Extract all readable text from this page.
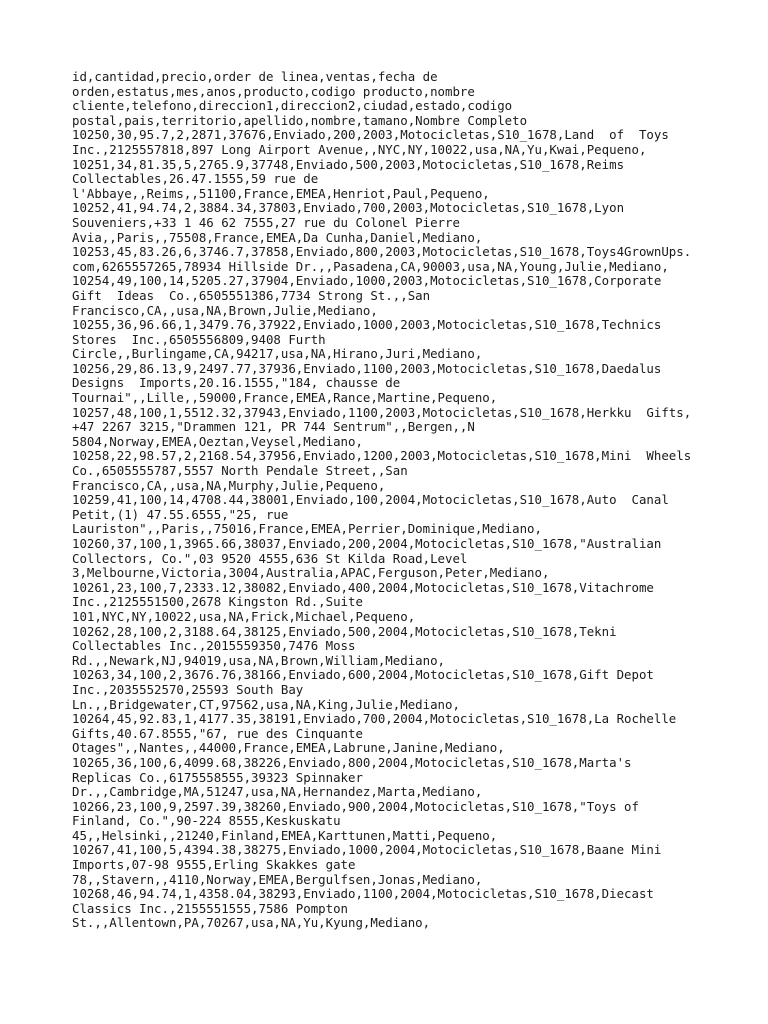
id,cantidad,precio,order de linea,ventas,fecha de
orden,estatus,mes,anos,producto,codigo producto,nombre
cliente,telefono,direccion1,direccion2,ciudad,estado,codigo
postal,pais,territorio,apellido,nombre,tamano,Nombre Completo
10250,30,95.7,2,2871,37676,Enviado,200,2003,Motocicletas,S10_1678,Land  of  Toys
Inc.,2125557818,897 Long Airport Avenue,,NYC,NY,10022,usa,NA,Yu,Kwai,Pequeno,
10251,34,81.35,5,2765.9,37748,Enviado,500,2003,Motocicletas,S10_1678,Reims
Collectables,26.47.1555,59 rue de
l'Abbaye,,Reims,,51100,France,EMEA,Henriot,Paul,Pequeno,
10252,41,94.74,2,3884.34,37803,Enviado,700,2003,Motocicletas,S10_1678,Lyon
Souveniers,+33 1 46 62 7555,27 rue du Colonel Pierre
Avia,,Paris,,75508,France,EMEA,Da Cunha,Daniel,Mediano,
10253,45,83.26,6,3746.7,37858,Enviado,800,2003,Motocicletas,S10_1678,Toys4GrownUps.
com,6265557265,78934 Hillside Dr.,,Pasadena,CA,90003,usa,NA,Young,Julie,Mediano,
10254,49,100,14,5205.27,37904,Enviado,1000,2003,Motocicletas,S10_1678,Corporate
Gift  Ideas  Co.,6505551386,7734 Strong St.,,San
Francisco,CA,,usa,NA,Brown,Julie,Mediano,
10255,36,96.66,1,3479.76,37922,Enviado,1000,2003,Motocicletas,S10_1678,Technics
Stores  Inc.,6505556809,9408 Furth
Circle,,Burlingame,CA,94217,usa,NA,Hirano,Juri,Mediano,
10256,29,86.13,9,2497.77,37936,Enviado,1100,2003,Motocicletas,S10_1678,Daedalus
Designs  Imports,20.16.1555,"184, chausse de
Tournai",,Lille,,59000,France,EMEA,Rance,Martine,Pequeno,
10257,48,100,1,5512.32,37943,Enviado,1100,2003,Motocicletas,S10_1678,Herkku  Gifts,
+47 2267 3215,"Drammen 121, PR 744 Sentrum",,Bergen,,N
5804,Norway,EMEA,Oeztan,Veysel,Mediano,
10258,22,98.57,2,2168.54,37956,Enviado,1200,2003,Motocicletas,S10_1678,Mini  Wheels
Co.,6505555787,5557 North Pendale Street,,San
Francisco,CA,,usa,NA,Murphy,Julie,Pequeno,
10259,41,100,14,4708.44,38001,Enviado,100,2004,Motocicletas,S10_1678,Auto  Canal
Petit,(1) 47.55.6555,"25, rue
Lauriston",,Paris,,75016,France,EMEA,Perrier,Dominique,Mediano,
10260,37,100,1,3965.66,38037,Enviado,200,2004,Motocicletas,S10_1678,"Australian
Collectors, Co.",03 9520 4555,636 St Kilda Road,Level
3,Melbourne,Victoria,3004,Australia,APAC,Ferguson,Peter,Mediano,
10261,23,100,7,2333.12,38082,Enviado,400,2004,Motocicletas,S10_1678,Vitachrome
Inc.,2125551500,2678 Kingston Rd.,Suite
101,NYC,NY,10022,usa,NA,Frick,Michael,Pequeno,
10262,28,100,2,3188.64,38125,Enviado,500,2004,Motocicletas,S10_1678,Tekni
Collectables Inc.,2015559350,7476 Moss
Rd.,,Newark,NJ,94019,usa,NA,Brown,William,Mediano,
10263,34,100,2,3676.76,38166,Enviado,600,2004,Motocicletas,S10_1678,Gift Depot
Inc.,2035552570,25593 South Bay
Ln.,,Bridgewater,CT,97562,usa,NA,King,Julie,Mediano,
10264,45,92.83,1,4177.35,38191,Enviado,700,2004,Motocicletas,S10_1678,La Rochelle
Gifts,40.67.8555,"67, rue des Cinquante
Otages",,Nantes,,44000,France,EMEA,Labrune,Janine,Mediano,
10265,36,100,6,4099.68,38226,Enviado,800,2004,Motocicletas,S10_1678,Marta's
Replicas Co.,6175558555,39323 Spinnaker
Dr.,,Cambridge,MA,51247,usa,NA,Hernandez,Marta,Mediano,
10266,23,100,9,2597.39,38260,Enviado,900,2004,Motocicletas,S10_1678,"Toys of
Finland, Co.",90-224 8555,Keskuskatu
45,,Helsinki,,21240,Finland,EMEA,Karttunen,Matti,Pequeno,
10267,41,100,5,4394.38,38275,Enviado,1000,2004,Motocicletas,S10_1678,Baane Mini
Imports,07-98 9555,Erling Skakkes gate
78,,Stavern,,4110,Norway,EMEA,Bergulfsen,Jonas,Mediano,
10268,46,94.74,1,4358.04,38293,Enviado,1100,2004,Motocicletas,S10_1678,Diecast
Classics Inc.,2155551555,7586 Pompton
St.,,Allentown,PA,70267,usa,NA,Yu,Kyung,Mediano,
